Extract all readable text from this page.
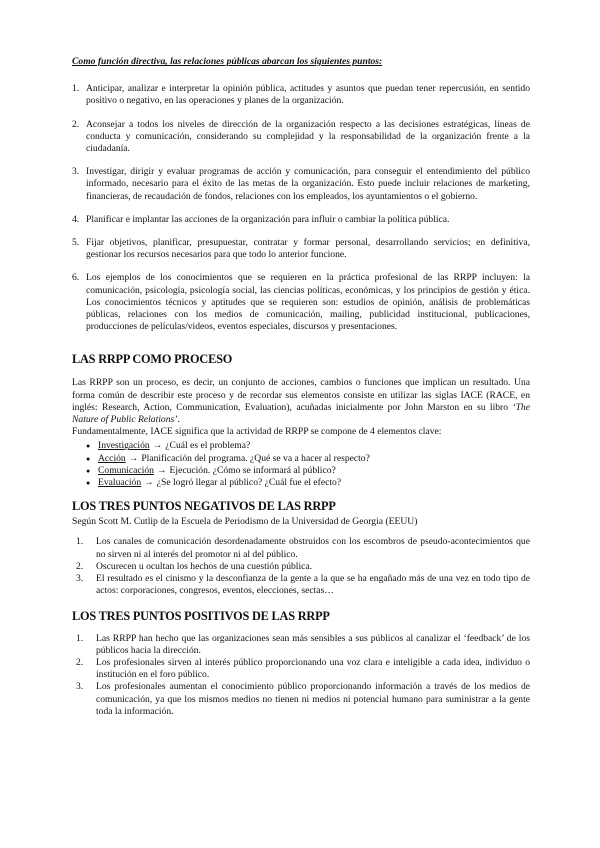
Como función directiva, las relaciones públicas abarcan los siguientes puntos:
1. Anticipar, analizar e interpretar la opinión pública, actitudes y asuntos que puedan tener repercusión, en sentido positivo o negativo, en las operaciones y planes de la organización.
2. Aconsejar a todos los niveles de dirección de la organización respecto a las decisiones estratégicas, líneas de conducta y comunicación, considerando su complejidad y la responsabilidad de la organización frente a la ciudadanía.
3. Investigar, dirigir y evaluar programas de acción y comunicación, para conseguir el entendimiento del público informado, necesario para el éxito de las metas de la organización. Esto puede incluir relaciones de marketing, financieras, de recaudación de fondos, relaciones con los empleados, los ayuntamientos o el gobierno.
4. Planificar e implantar las acciones de la organización para influir o cambiar la política pública.
5. Fijar objetivos, planificar, presupuestar, contratar y formar personal, desarrollando servicios; en definitiva, gestionar los recursos necesarios para que todo lo anterior funcione.
6. Los ejemplos de los conocimientos que se requieren en la práctica profesional de las RRPP incluyen: la comunicación, psicología, psicología social, las ciencias políticas, económicas, y los principios de gestión y ética. Los conocimientos técnicos y aptitudes que se requieren son: estudios de opinión, análisis de problemáticas públicas, relaciones con los medios de comunicación, mailing, publicidad institucional, publicaciones, producciones de películas/videos, eventos especiales, discursos y presentaciones.
LAS RRPP COMO PROCESO

Las RRPP son un proceso, es decir, un conjunto de acciones, cambios o funciones que implican un resultado. Una forma común de describir este proceso y de recordar sus elementos consiste en utilizar las siglas IACE (RACE, en inglés: Research, Action, Communication, Evaluation), acuñadas inicialmente por John Marston en su libro ‘The Nature of Public Relations’.

Fundamentalmente, IACE significa que la actividad de RRPP se compone de 4 elementos clave:

● Investigación → ¿Cuál es el problema?
● Acción → Planificación del programa. ¿Qué se va a hacer al respecto?
● Comunicación → Ejecución. ¿Cómo se informará al público?
● Evaluación → ¿Se logró llegar al público? ¿Cuál fue el efecto?
LOS TRES PUNTOS NEGATIVOS DE LAS RRPP

Según Scott M. Cutlip de la Escuela de Periodismo de la Universidad de Georgia (EEUU)

1.	Los canales de comunicación desordenadamente obstruidos con los escombros de pseudo-acontecimientos que no sirven ni al interés del promotor ni al del público.
2.	Oscurecen u ocultan los hechos de una cuestión pública.
3.	El resultado es el cinismo y la desconfianza de la gente a la que se ha engañado más de una vez en todo tipo de actos: corporaciones, congresos, eventos, elecciones, sectas…
LOS TRES PUNTOS POSITIVOS DE LAS RRPP
1.	Las RRPP han hecho que las organizaciones sean más sensibles a sus públicos al canalizar el ‘feedback’ de los públicos hacia la dirección.
2.	Los profesionales sirven al interés público proporcionando una voz clara e inteligible a cada idea, individuo o institución en el foro público.
3.	Los profesionales aumentan el conocimiento público proporcionando información a través de los medios de comunicación, ya que los mismos medios no tienen ni medios ni potencial humano para suministrar a la gente toda la información.
